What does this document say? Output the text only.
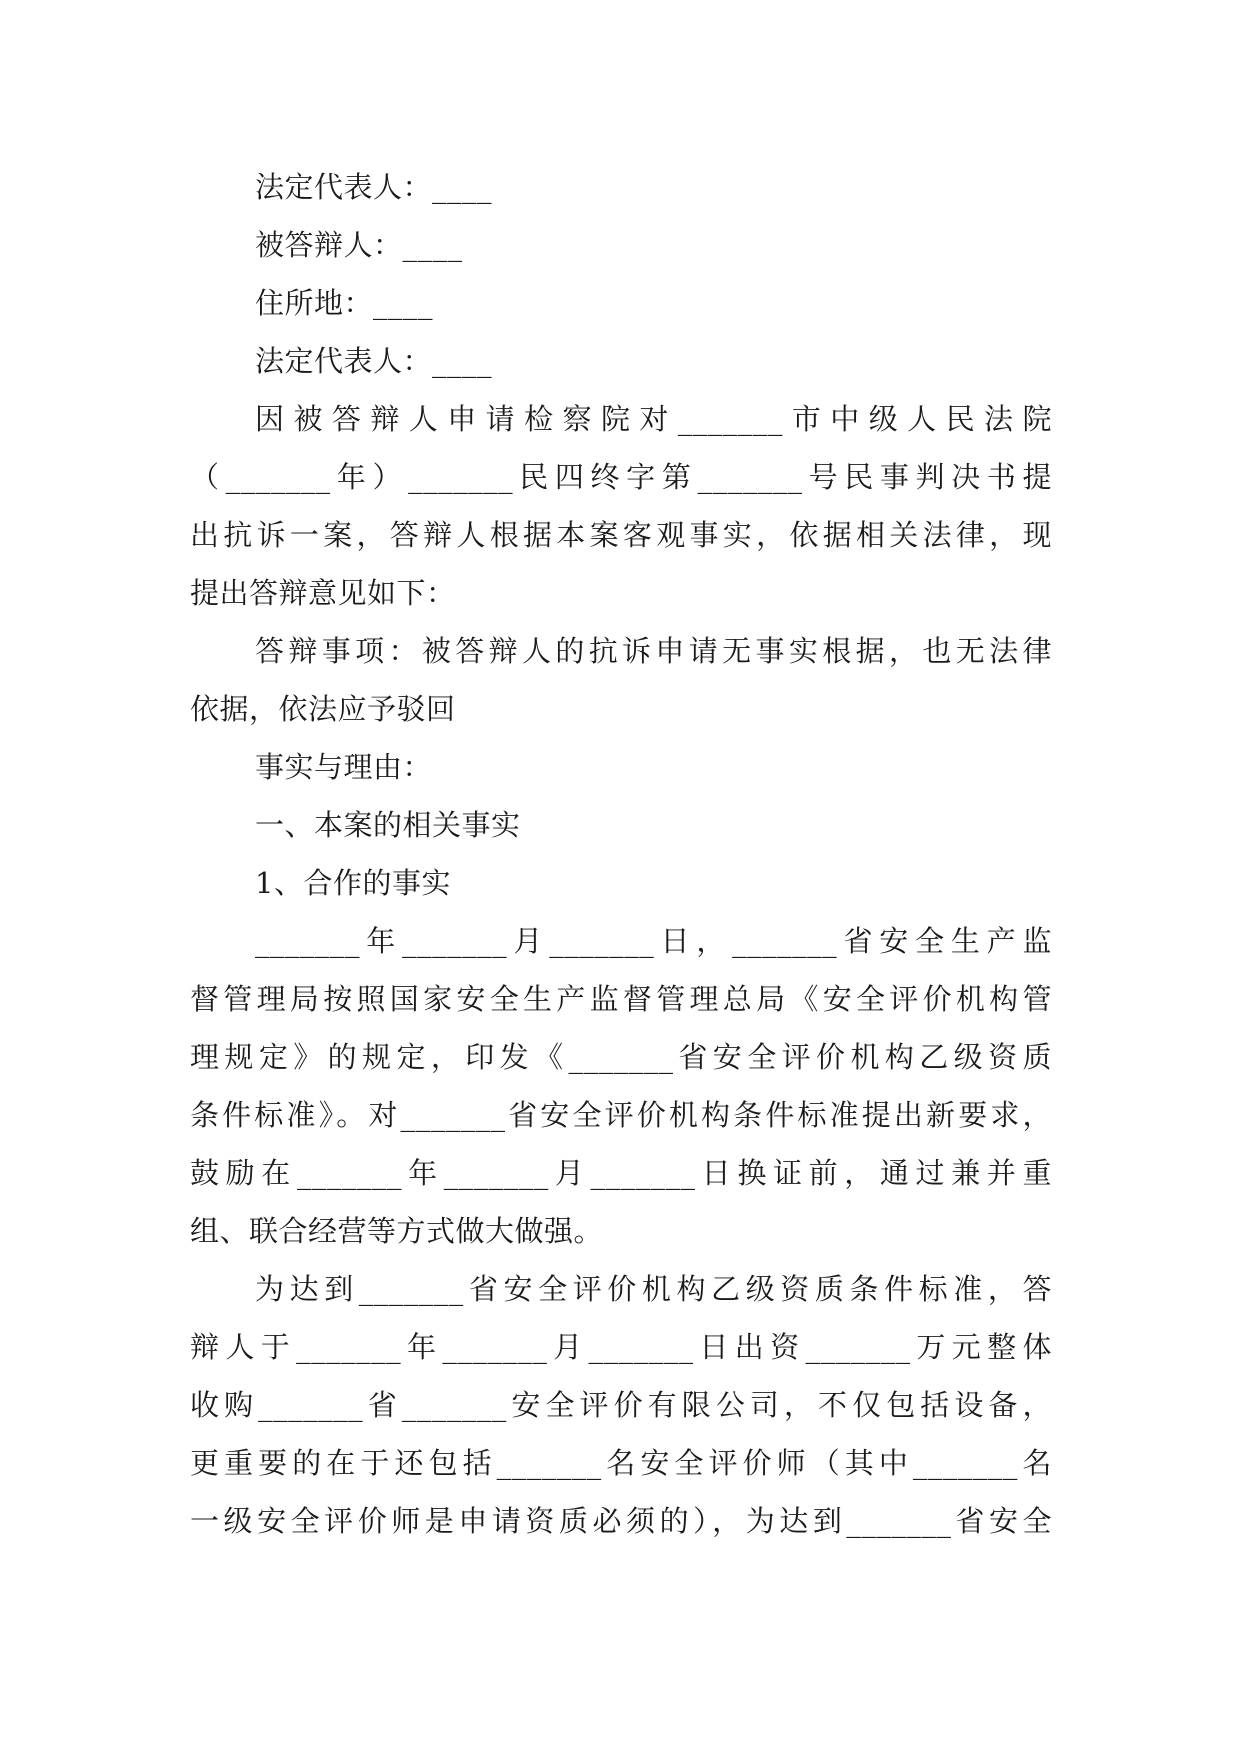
法定代表人：____
被答辩人：____
住所地：____
法定代表人：____
因被答辩人申请检察院对_______市中级人民法院
（_______年）_______民四终字第_______号民事判决书提
出抗诉一案，答辩人根据本案客观事实，依据相关法律，现
提出答辩意见如下：
答辩事项：被答辩人的抗诉申请无事实根据，也无法律
依据，依法应予驳回
事实与理由：
一、本案的相关事实
1、合作的事实
_______年_______月_______日，_______省安全生产监
督管理局按照国家安全生产监督管理总局《安全评价机构管
理规定》的规定，印发《_______省安全评价机构乙级资质
条件标准》。对_______省安全评价机构条件标准提出新要求，
鼓励在_______年_______月_______日换证前，通过兼并重
组、联合经营等方式做大做强。
为达到_______省安全评价机构乙级资质条件标准，答
辩人于_______年_______月_______日出资_______万元整体
收购_______省_______安全评价有限公司，不仅包括设备，
更重要的在于还包括_______名安全评价师（其中_______名
一级安全评价师是申请资质必须的），为达到_______省安全
